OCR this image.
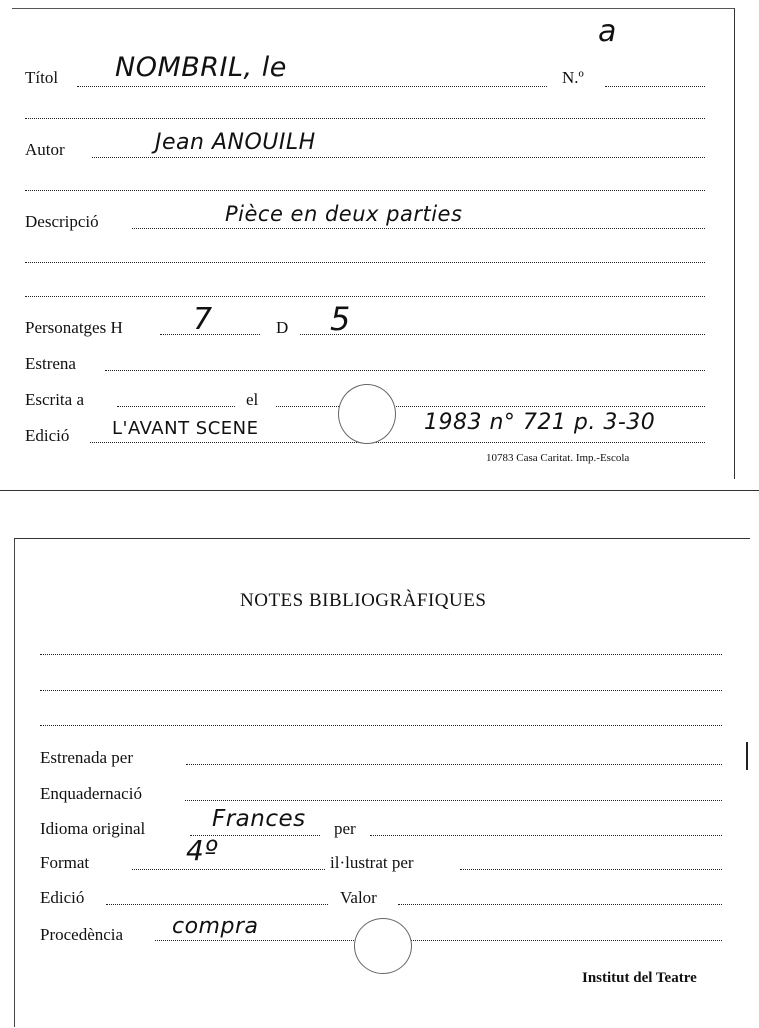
a
Títol NOMBRIL, le	N.º
Autor	Jean ANOUILH
Descripció	Pièce en deux parties
Personatges H 7	D 5
Estrena
Escrita a	el
Edició L'AVANT SCENE	1983 n° 721 p. 3-30
10783 Casa Caritat. Imp.-Escola
NOTES BIBLIOGRÀFIQUES
Estrenada per
Enquadernació
Idioma original	Frances per
Format	4º	il·lustrat per
Edició	Valor
Procedència compra
Institut del Teatre
